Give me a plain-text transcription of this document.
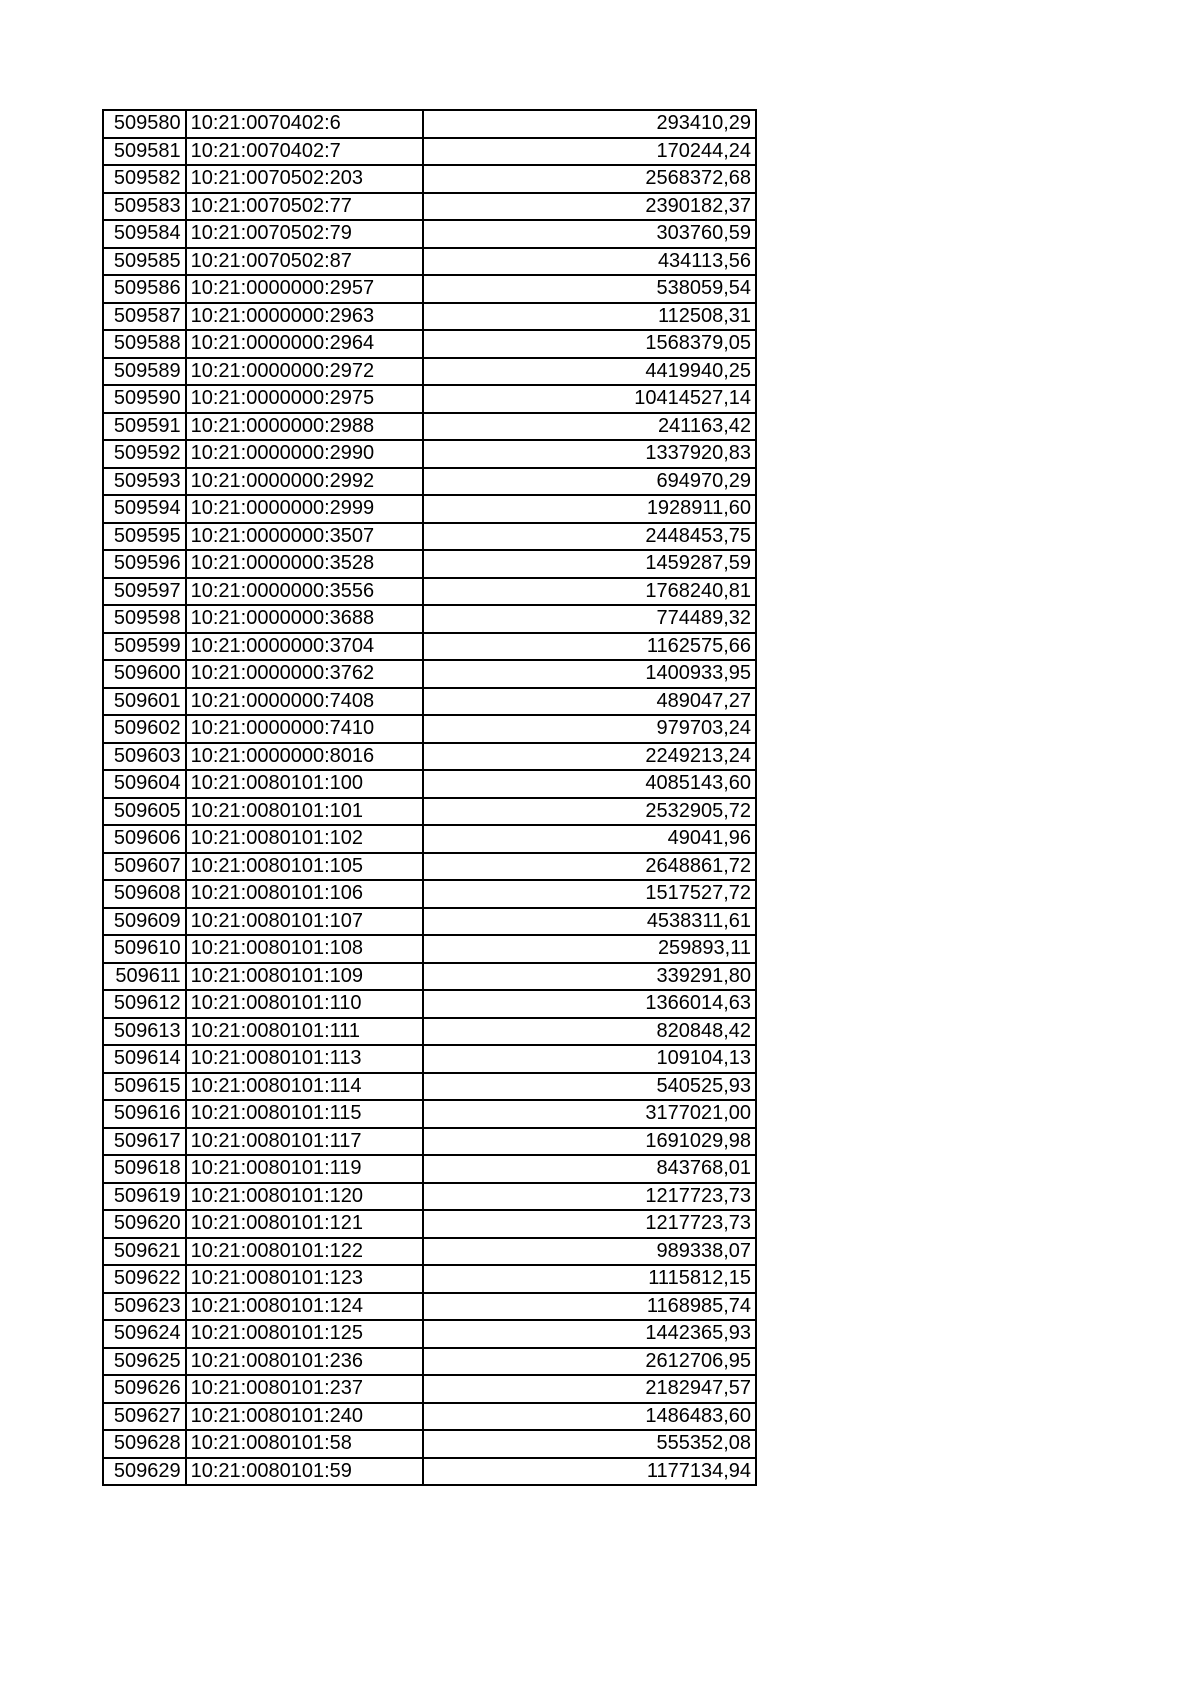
509580	10:21:0070402:6	293410,29
509581	10:21:0070402:7	170244,24
509582	10:21:0070502:203	2568372,68
509583	10:21:0070502:77	2390182,37
509584	10:21:0070502:79	303760,59
509585	10:21:0070502:87	434113,56
509586	10:21:0000000:2957	538059,54
509587	10:21:0000000:2963	112508,31
509588	10:21:0000000:2964	1568379,05
509589	10:21:0000000:2972	4419940,25
509590	10:21:0000000:2975	10414527,14
509591	10:21:0000000:2988	241163,42
509592	10:21:0000000:2990	1337920,83
509593	10:21:0000000:2992	694970,29
509594	10:21:0000000:2999	1928911,60
509595	10:21:0000000:3507	2448453,75
509596	10:21:0000000:3528	1459287,59
509597	10:21:0000000:3556	1768240,81
509598	10:21:0000000:3688	774489,32
509599	10:21:0000000:3704	1162575,66
509600	10:21:0000000:3762	1400933,95
509601	10:21:0000000:7408	489047,27
509602	10:21:0000000:7410	979703,24
509603	10:21:0000000:8016	2249213,24
509604	10:21:0080101:100	4085143,60
509605	10:21:0080101:101	2532905,72
509606	10:21:0080101:102	49041,96
509607	10:21:0080101:105	2648861,72
509608	10:21:0080101:106	1517527,72
509609	10:21:0080101:107	4538311,61
509610	10:21:0080101:108	259893,11
509611	10:21:0080101:109	339291,80
509612	10:21:0080101:110	1366014,63
509613	10:21:0080101:111	820848,42
509614	10:21:0080101:113	109104,13
509615	10:21:0080101:114	540525,93
509616	10:21:0080101:115	3177021,00
509617	10:21:0080101:117	1691029,98
509618	10:21:0080101:119	843768,01
509619	10:21:0080101:120	1217723,73
509620	10:21:0080101:121	1217723,73
509621	10:21:0080101:122	989338,07
509622	10:21:0080101:123	1115812,15
509623	10:21:0080101:124	1168985,74
509624	10:21:0080101:125	1442365,93
509625	10:21:0080101:236	2612706,95
509626	10:21:0080101:237	2182947,57
509627	10:21:0080101:240	1486483,60
509628	10:21:0080101:58	555352,08
509629	10:21:0080101:59	1177134,94
